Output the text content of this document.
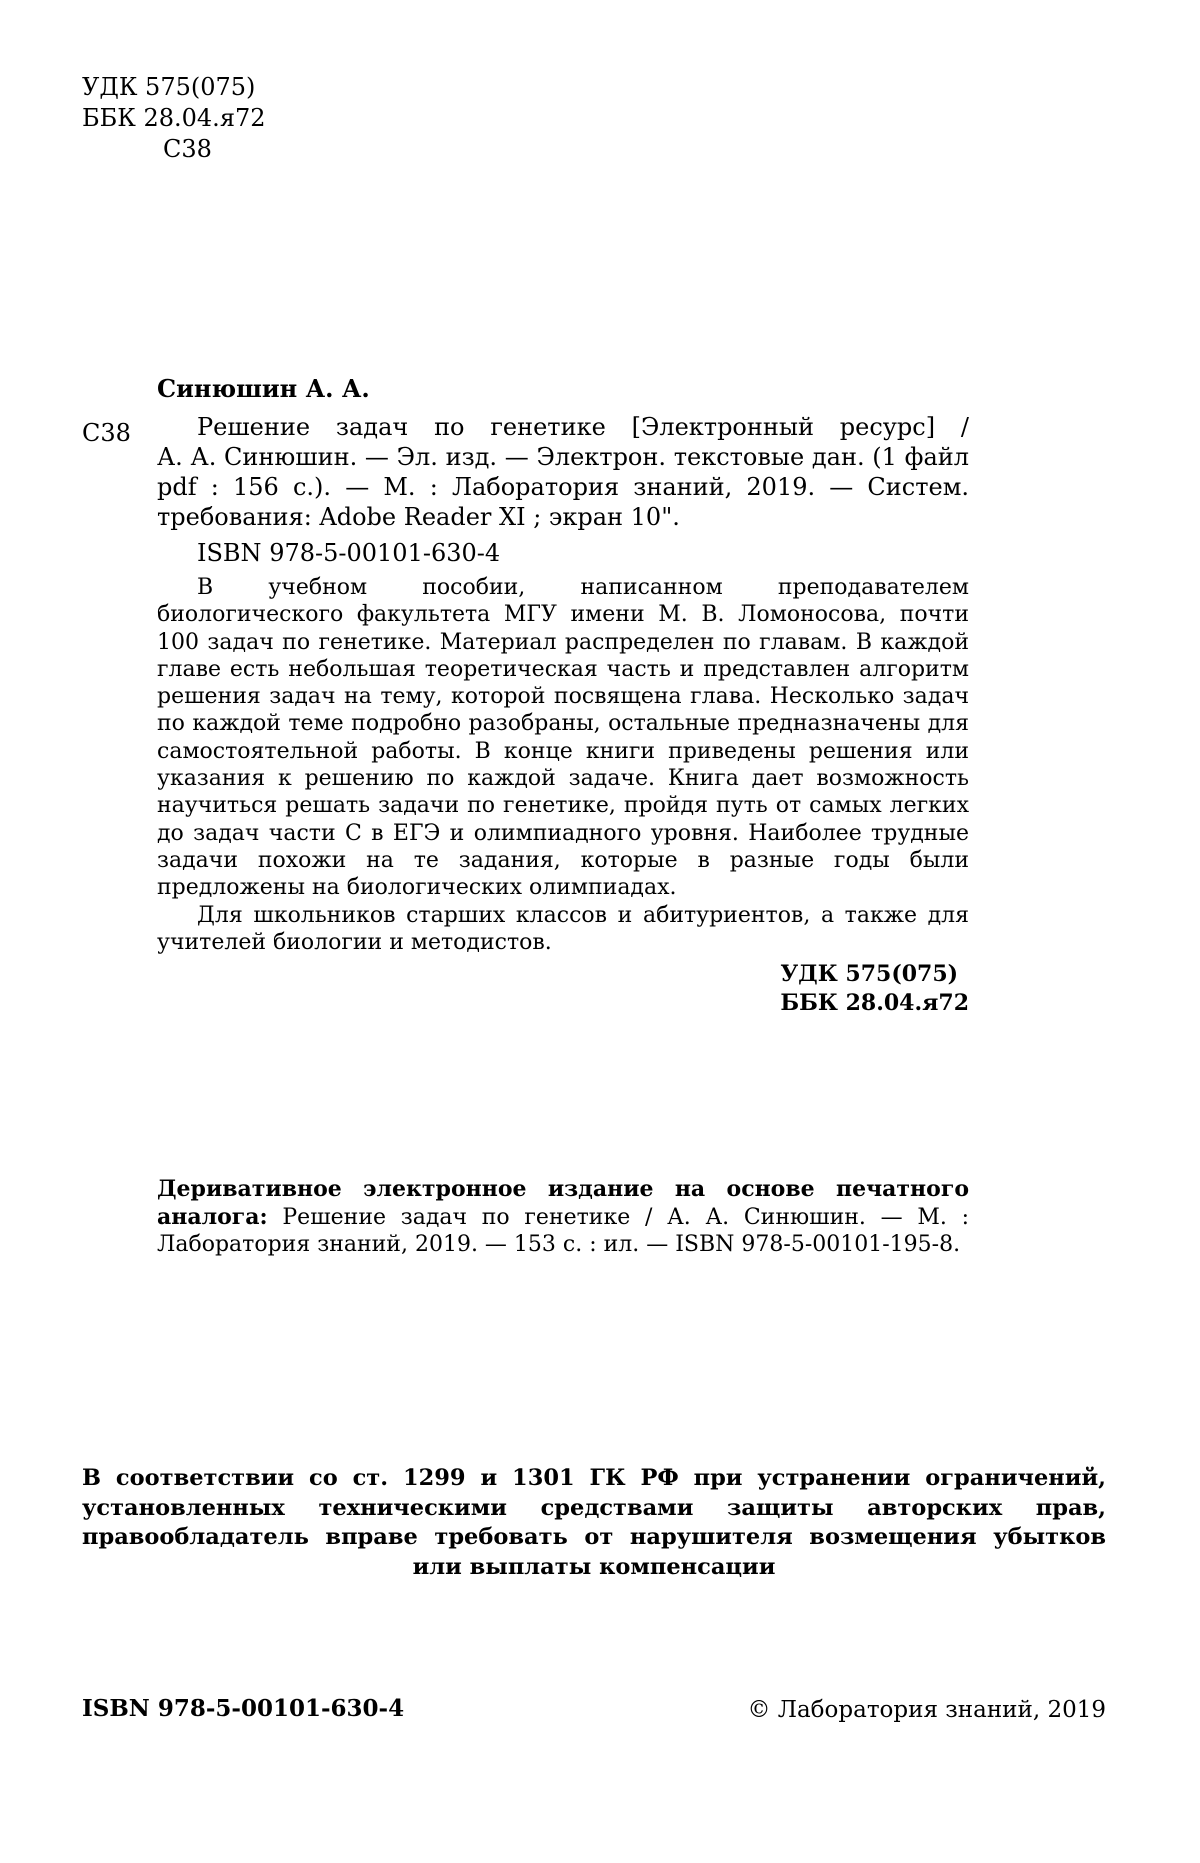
УДК 575(075)
ББК 28.04.я72
С38
Синюшин А. А.
С38	Решение задач по генетике [Электронный ресурс] /
А. А. Синюшин. — Эл. изд. — Электрон. текстовые дан. (1 файл pdf : 156 с.). — М. : Лаборатория знаний, 2019. — Систем. требования: Adobe Reader XI ; экран 10".
ISBN 978-5-00101-630-4

В учебном пособии, написанном преподавателем биологического факультета МГУ имени М. В. Ломоносова, почти 100 задач по генетике. Материал распределен по главам. В каждой главе есть небольшая теоретическая часть и представлен алгоритм решения задач на тему, которой посвящена глава. Несколько задач по каждой теме подробно разобраны, остальные предназначены для самостоятельной работы. В конце книги приведены решения или указания к решению по каждой задаче. Книга дает возможность научиться решать задачи по генетике, пройдя путь от самых легких до задач части С в ЕГЭ и олимпиадного уровня. Наиболее трудные задачи похожи на те задания, которые в разные годы были предложены на биологических олимпиадах.

Для школьников старших классов и абитуриентов, а также для учителей биологии и методистов.

УДК 575(075)
ББК 28.04.я72
Деривативное электронное издание на основе печатного аналога: Решение задач по генетике / А. А. Синюшин. — М. : Лаборатория знаний, 2019. — 153 с. : ил. — ISBN 978-5-00101-195-8.
В соответствии со ст. 1299 и 1301 ГК РФ при устранении ограничений, установленных техническими средствами защиты авторских прав, правообладатель вправе требовать от нарушителя возмещения убытков или выплаты компенсации
ISBN 978-5-00101-630-4	© Лаборатория знаний, 2019
